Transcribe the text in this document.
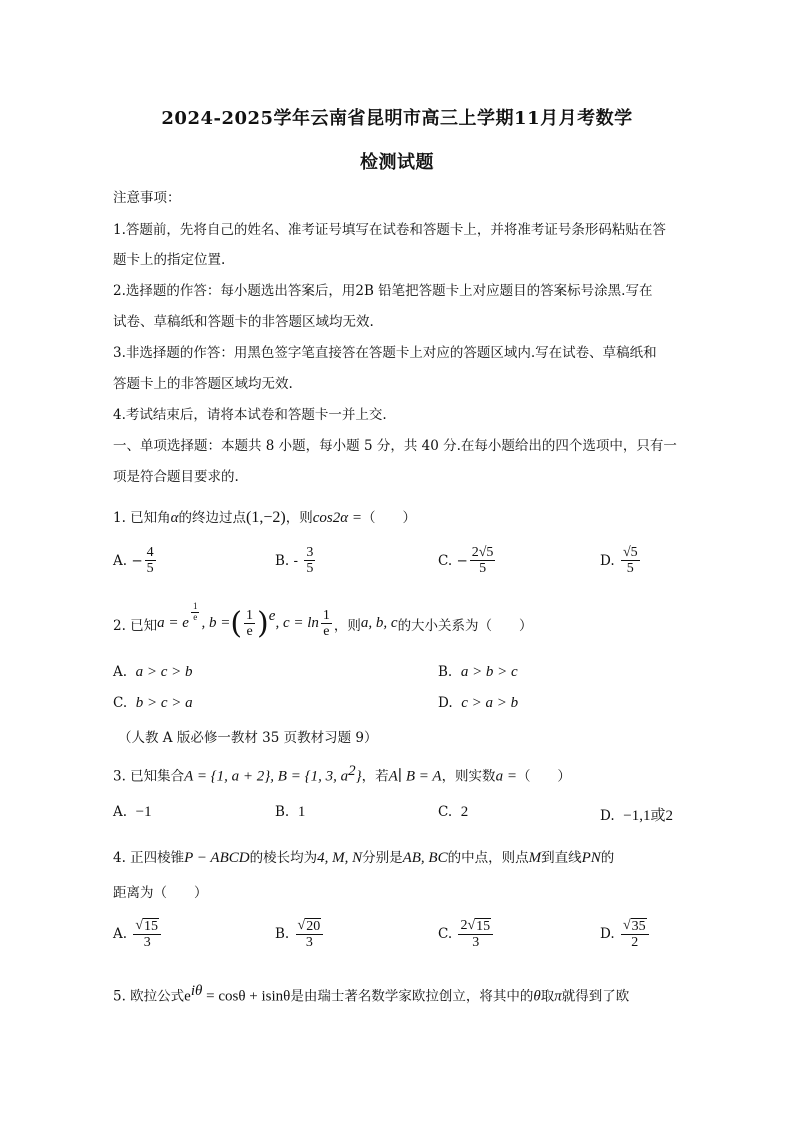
2024-2025学年云南省昆明市高三上学期11月月考数学
检测试题
注意事项：
1.答题前，先将自己的姓名、准考证号填写在试卷和答题卡上，并将准考证号条形码粘贴在答
题卡上的指定位置.
2.选择题的作答：每小题选出答案后，用2B 铅笔把答题卡上对应题目的答案标号涂黑.写在
试卷、草稿纸和答题卡的非答题区域均无效.
3.非选择题的作答：用黑色签字笔直接答在答题卡上对应的答题区域内.写在试卷、草稿纸和
答题卡上的非答题区域均无效.
4.考试结束后，请将本试卷和答题卡一并上交.
一、单项选择题：本题共 8 小题，每小题 5 分，共 40 分.在每小题给出的四个选项中，只有一
项是符合题目要求的.
1. 已知角α的终边过点(1,−2)，则cos2α =（　　）
A.
− $\frac{4}{5}$	B.
-
$\frac{3}{5}$	C.
− $\frac{2√5}{5}$	D.
$\frac{√5}{5}$
2. 已知 a = e
$\frac{1}{e}$
, b = ( $\frac{1}{e}$ ) e , $c = \ln \frac{1}{e}$ ，则 a, b, c 的大小关系为（　　）
A. a > c > b	B. a > b > c
C. b > c > a	D. c > a > b
（人教 A 版必修一教材 35 页教材习题 9）
3. 已知集合A = {1, a + 2}, B = {1, 3, $a^2$}，若A∣ B = A，则实数a =（　　）
A. −1	B. 1	C. 2	D. −1,1或2
4. 正四棱锥P − ABCD的棱长均为4, M, N分别是AB, BC的中点，则点M到直线PN的
距离为（　　）
A.
$\frac{√ 15}{3}$	B.
$\frac{√ 20}{3}$	C.
$\frac{2√ 15}{3}$	D.
$\frac{√ 35}{2}$
5. 欧拉公式$e^{i\theta} = \cos\theta + isin\theta$是由瑞士著名数学家欧拉创立，将其中的θ取π就得到了欧
